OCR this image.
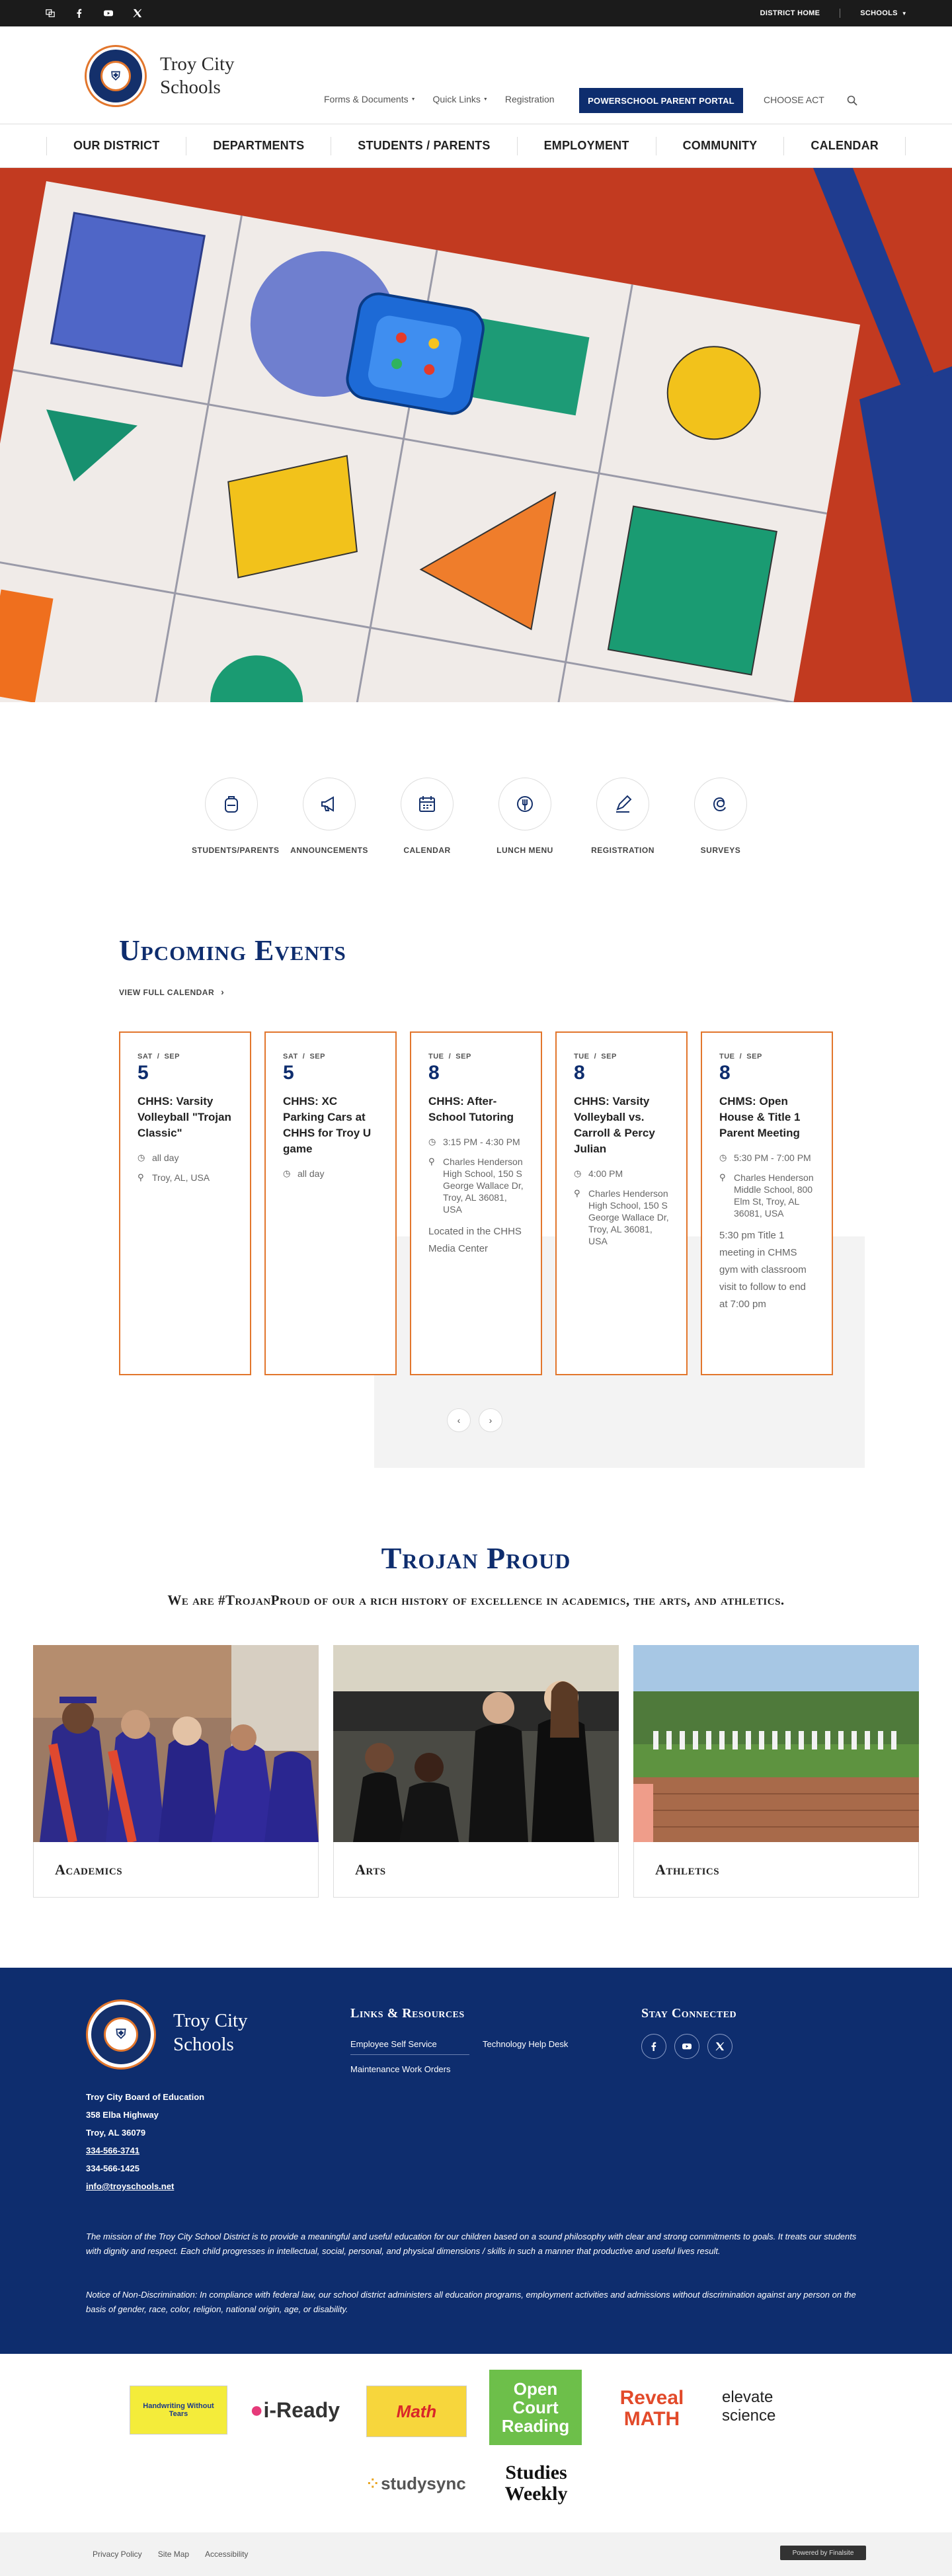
DISTRICT HOME	SCHOOLS ▼
⛨
Troy City
Schools
Forms & Documents ▼ Quick Links ▼ Registration	POWERSCHOOL PARENT PORTAL	CHOOSE ACT
OUR DISTRICT	DEPARTMENTS	STUDENTS / PARENTS	EMPLOYMENT	COMMUNITY	CALENDAR
STUDENTS/PARENTS ANNOUNCEMENTS	CALENDAR	LUNCH MENU	REGISTRATION	SURVEYS
Upcoming Events
VIEW FULL CALENDAR ›
SAT  /  SEP
5
CHHS: Varsity Volleyball "Trojan Classic"
◷ all day
⚲ Troy, AL, USA
SAT  /  SEP
5
CHHS: XC Parking Cars at CHHS for Troy U game
◷ all day
TUE  /  SEP
8
CHHS: After-School Tutoring
◷ 3:15 PM - 4:30 PM
⚲ Charles Henderson High School, 150 S George Wallace Dr, Troy, AL 36081, USA
Located in the CHHS Media Center
TUE  /  SEP
8
CHHS: Varsity Volleyball vs. Carroll & Percy Julian
◷ 4:00 PM
⚲ Charles Henderson High School, 150 S George Wallace Dr, Troy, AL 36081, USA
TUE  /  SEP
8
CHMS: Open House & Title 1 Parent Meeting
◷ 5:30 PM - 7:00 PM
⚲ Charles Henderson Middle School, 800 Elm St, Troy, AL 36081, USA
5:30 pm Title 1 meeting in CHMS gym with classroom visit to follow to end at 7:00 pm
‹	›
Trojan Proud
We are #TrojanProud of our a rich history of excellence in academics, the arts, and athletics.
Academics	Arts	Athletics
⛨
Troy City
Schools
Troy City Board of Education
358 Elba Highway
Troy, AL 36079
334-566-3741
334-566-1425
info@troyschools.net
Links & Resources
Employee Self Service	Technology Help Desk
Maintenance Work Orders
Stay Connected

The mission of the Troy City School District is to provide a meaningful and useful education for our children based on a sound philosophy with clear and strong commitments to goals. It treats our students with dignity and respect. Each child progresses in intellectual, social, personal, and physical dimensions / skills in such a manner that productive and useful lives result.

Notice of Non-Discrimination: In compliance with federal law, our school district administers all education programs, employment activities and admissions without discrimination against any person on the basis of gender, race, color, religion, national origin, age, or disability.

Handwriting Without Tears	● i-Ready	Math
Open Court Reading
Reveal MATH
elevate science
⁘ studysync	Studies Weekly
Privacy Policy Site Map Accessibility	Powered by Finalsite
